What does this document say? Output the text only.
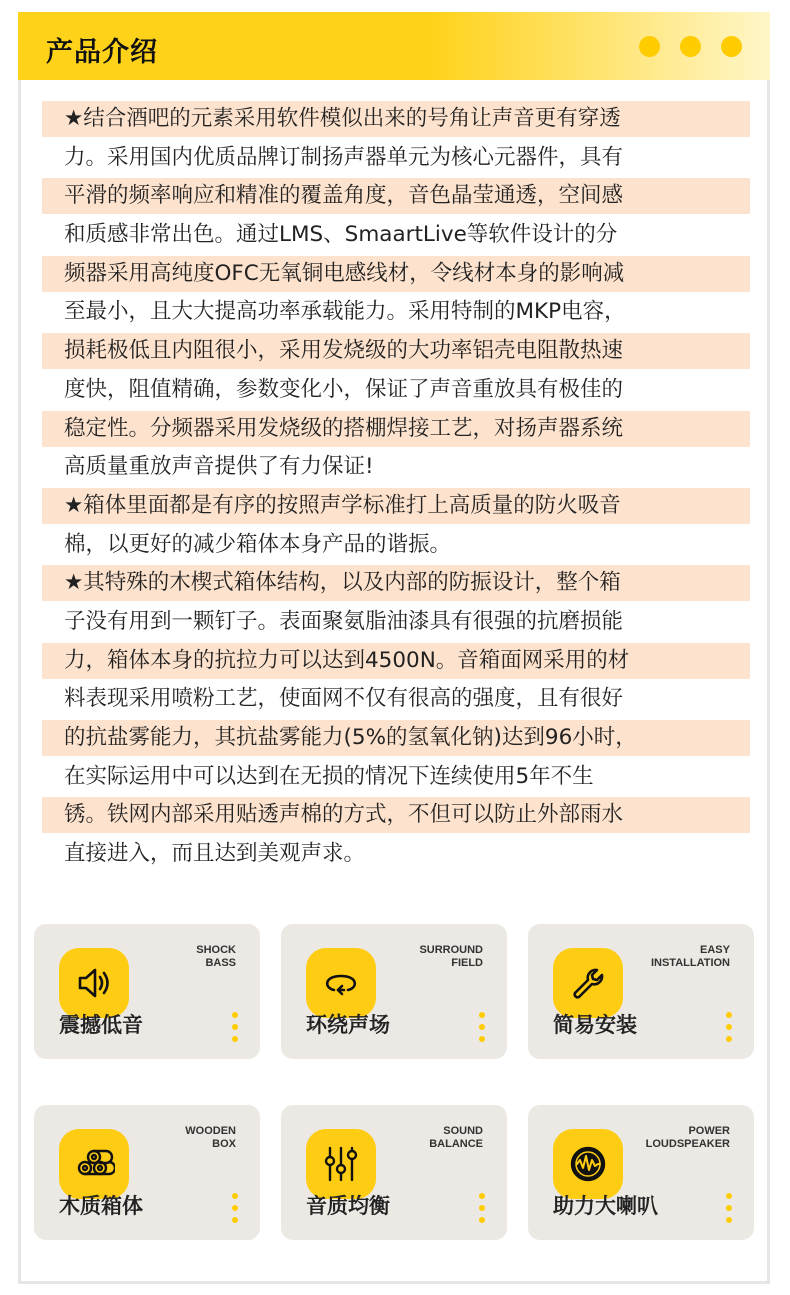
产品介绍
★结合酒吧的元素采用软件模似出来的号角让声音更有穿透
力。采用国内优质品牌订制扬声器单元为核心元器件，具有
平滑的频率响应和精准的覆盖角度，音色晶莹通透，空间感
和质感非常出色。通过LMS、SmaartLive等软件设计的分
频器采用高纯度OFC无氧铜电感线材，令线材本身的影响减
至最小，且大大提高功率承载能力。采用特制的MKP电容，
损耗极低且内阻很小，采用发烧级的大功率铝壳电阻散热速
度快，阻值精确，参数变化小，保证了声音重放具有极佳的
稳定性。分频器采用发烧级的搭棚焊接工艺，对扬声器系统
高质量重放声音提供了有力保证!
★箱体里面都是有序的按照声学标准打上高质量的防火吸音
棉，以更好的减少箱体本身产品的谐振。
★其特殊的木楔式箱体结构，以及内部的防振设计，整个箱
子没有用到一颗钉子。表面聚氨脂油漆具有很强的抗磨损能
力，箱体本身的抗拉力可以达到4500N。音箱面网采用的材
料表现采用喷粉工艺，使面网不仅有很高的强度，且有很好
的抗盐雾能力，其抗盐雾能力(5%的氢氧化钠)达到96小时，
在实际运用中可以达到在无损的情况下连续使用5年不生
锈。铁网内部采用贴透声棉的方式，不但可以防止外部雨水
直接进入，而且达到美观声求。
SHOCK
BASS
震撼低音
SURROUND
FIELD
环绕声场
EASY
INSTALLATION
简易安装
WOODEN
BOX
木质箱体
SOUND
BALANCE
音质均衡
POWER
LOUDSPEAKER
助力大喇叭
